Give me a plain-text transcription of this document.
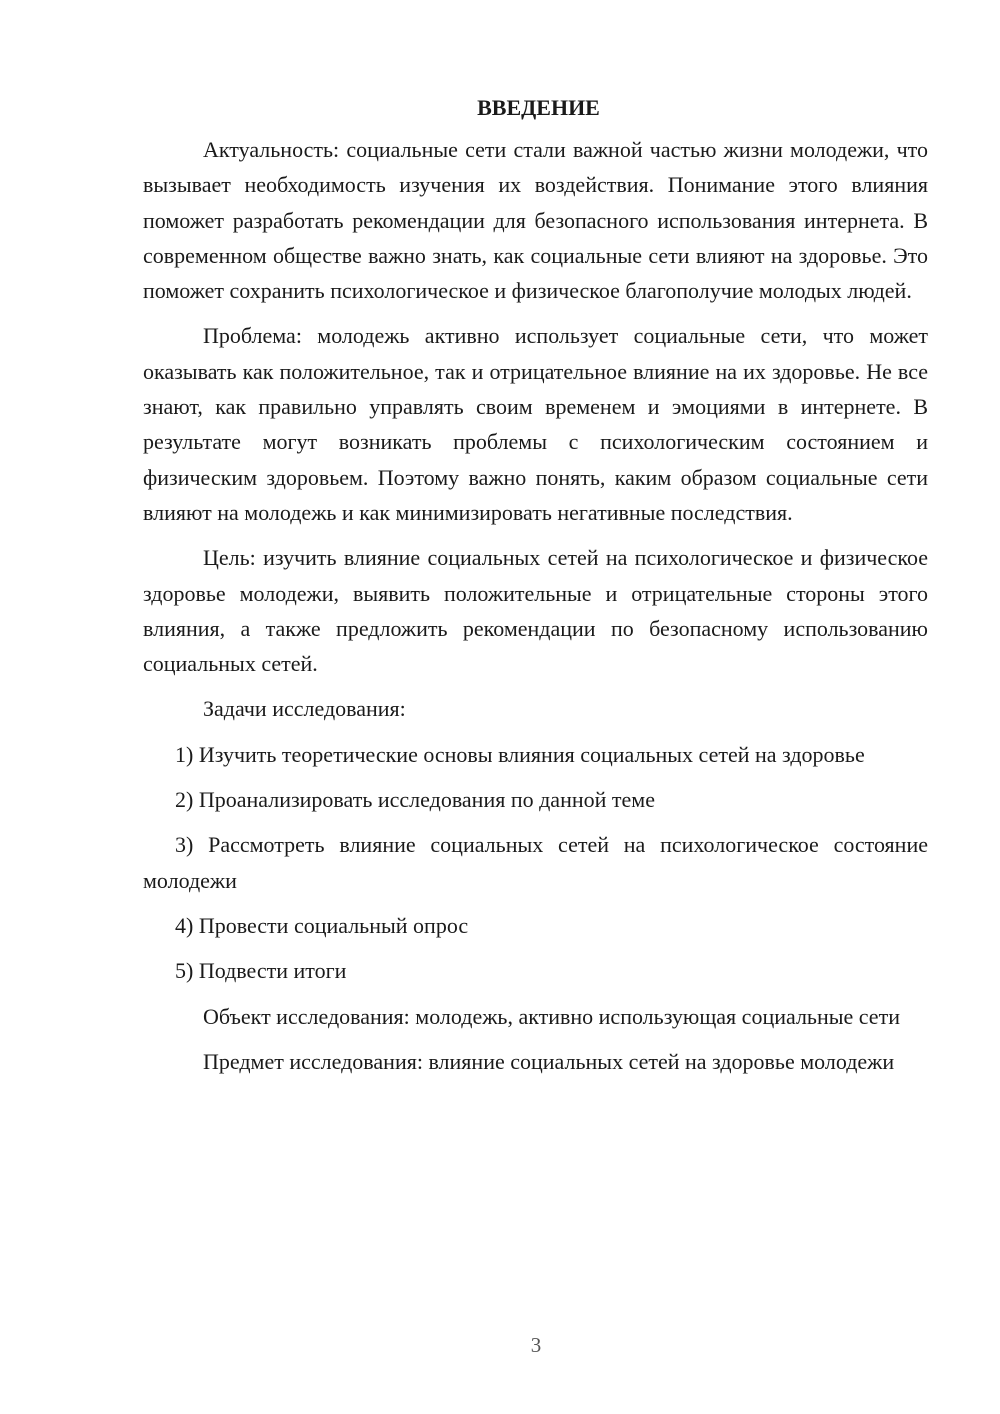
ВВЕДЕНИЕ

Актуальность: социальные сети стали важной частью жизни молодежи, что вызывает необходимость изучения их воздействия. Понимание этого влияния поможет разработать рекомендации для безопасного использования интернета. В современном обществе важно знать, как социальные сети влияют на здоровье. Это поможет сохранить психологическое и физическое благополучие молодых людей.

Проблема: молодежь активно использует социальные сети, что может оказывать как положительное, так и отрицательное влияние на их здоровье. Не все знают, как правильно управлять своим временем и эмоциями в интернете. В результате могут возникать проблемы с психологическим состоянием и физическим здоровьем. Поэтому важно понять, каким образом социальные сети влияют на молодежь и как минимизировать негативные последствия.

Цель: изучить влияние социальных сетей на психологическое и физическое здоровье молодежи, выявить положительные и отрицательные стороны этого влияния, а также предложить рекомендации по безопасному использованию социальных сетей.

Задачи исследования:

1) Изучить теоретические основы влияния социальных сетей на здоровье

2) Проанализировать исследования по данной теме

3) Рассмотреть влияние социальных сетей на психологическое состояние молодежи

4) Провести социальный опрос

5) Подвести итоги

Объект исследования: молодежь, активно использующая социальные сети

Предмет исследования: влияние социальных сетей на здоровье молодежи

3
